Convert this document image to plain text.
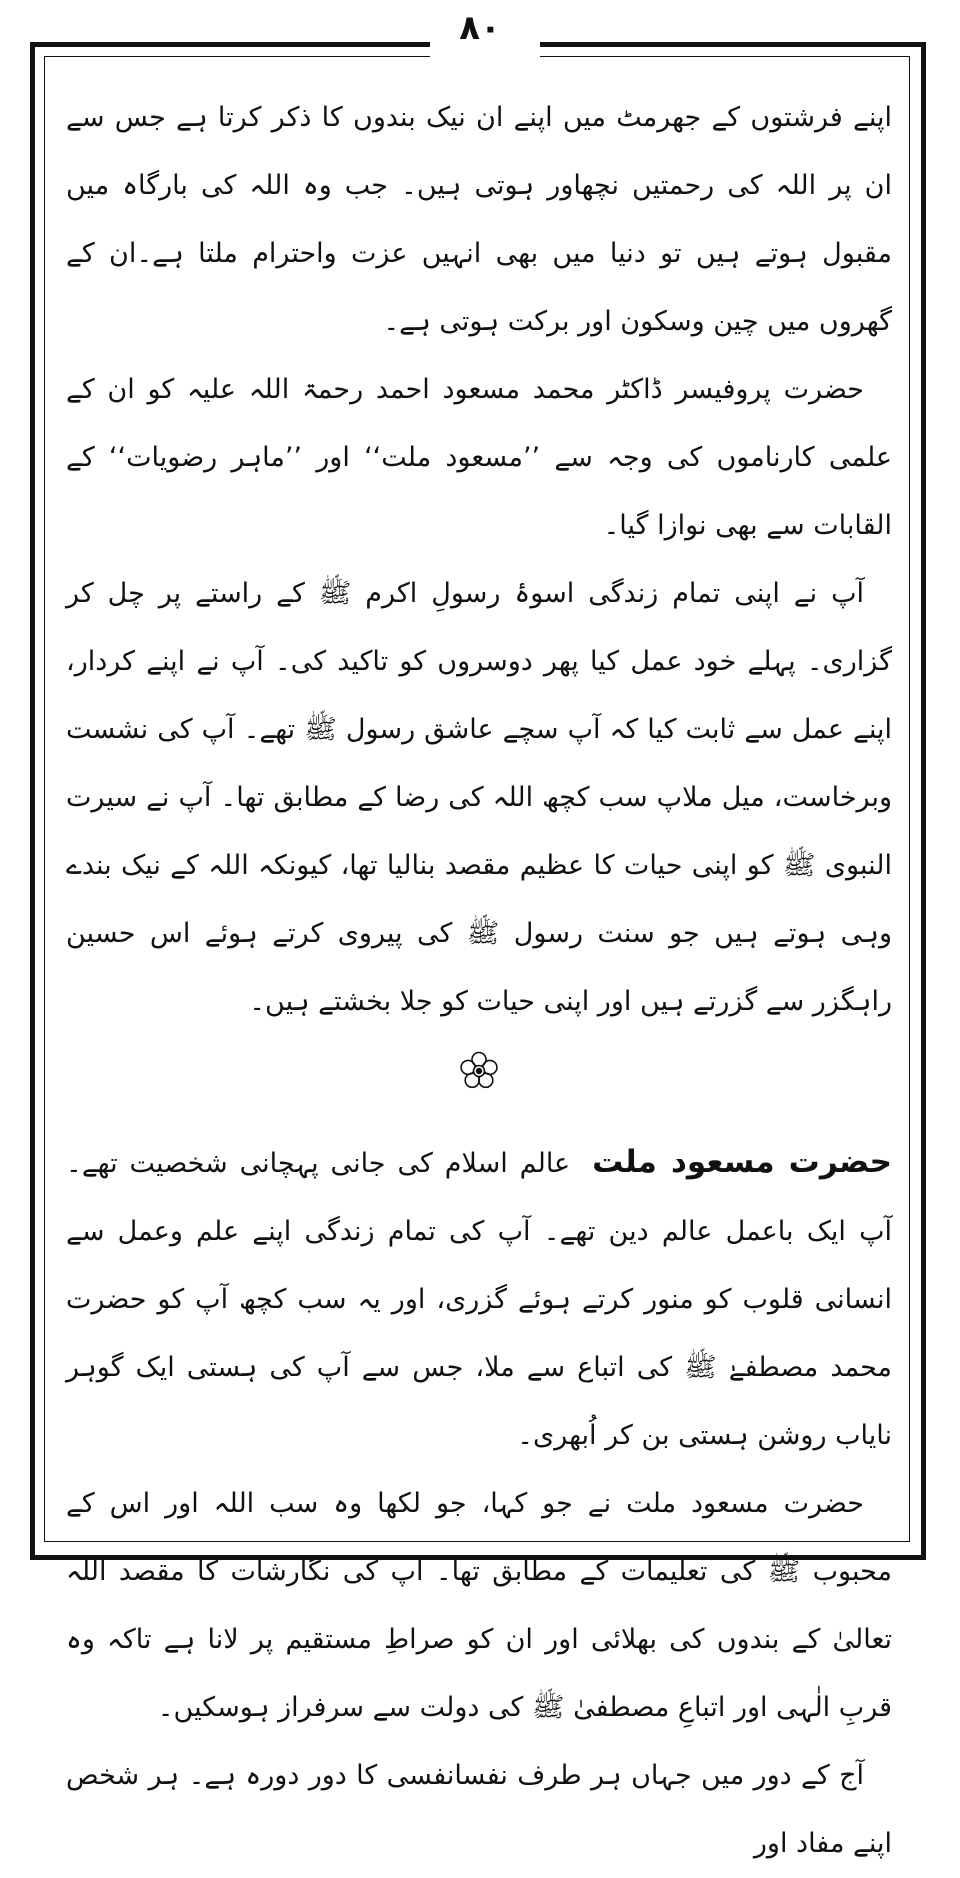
۸۰

اپنے فرشتوں کے جھرمٹ میں اپنے ان نیک بندوں کا ذکر کرتا ہے جس سے ان پر اللہ کی رحمتیں نچھاور ہوتی ہیں۔ جب وہ اللہ کی بارگاہ میں مقبول ہوتے ہیں تو دنیا میں بھی انہیں عزت واحترام ملتا ہے۔ان کے گھروں میں چین وسکون اور برکت ہوتی ہے۔

حضرت پروفیسر ڈاکٹر محمد مسعود احمد رحمۃ اللہ علیہ کو ان کے علمی کارناموں کی وجہ سے ’’مسعود ملت‘‘ اور ’’ماہر رضویات‘‘ کے القابات سے بھی نوازا گیا۔

آپ نے اپنی تمام زندگی اسوۂ رسولِ اکرم ﷺ کے راستے پر چل کر گزاری۔ پہلے خود عمل کیا پھر دوسروں کو تاکید کی۔ آپ نے اپنے کردار، اپنے عمل سے ثابت کیا کہ آپ سچے عاشق رسول ﷺ تھے۔ آپ کی نشست وبرخاست، میل ملاپ سب کچھ اللہ کی رضا کے مطابق تھا۔ آپ نے سیرت النبوی ﷺ کو اپنی حیات کا عظیم مقصد بنالیا تھا، کیونکہ اللہ کے نیک بندے وہی ہوتے ہیں جو سنت رسول ﷺ کی پیروی کرتے ہوئے اس حسین راہگزر سے گزرتے ہیں اور اپنی حیات کو جلا بخشتے ہیں۔

حضرت مسعود ملت عالم اسلام کی جانی پہچانی شخصیت تھے۔آپ ایک باعمل عالم دین تھے۔ آپ کی تمام زندگی اپنے علم وعمل سے انسانی قلوب کو منور کرتے ہوئے گزری، اور یہ سب کچھ آپ کو حضرت محمد مصطفےٰ ﷺ کی اتباع سے ملا، جس سے آپ کی ہستی ایک گوہر نایاب روشن ہستی بن کر اُبھری۔

حضرت مسعود ملت نے جو کہا، جو لکھا وہ سب اللہ اور اس کے محبوب ﷺ کی تعلیمات کے مطابق تھا۔ آپ کی نگارشات کا مقصد اللہ تعالیٰ کے بندوں کی بھلائی اور ان کو صراطِ مستقیم پر لانا ہے تاکہ وہ قربِ الٰہی اور اتباعِ مصطفیٰ ﷺ کی دولت سے سرفراز ہوسکیں۔

آج کے دور میں جہاں ہر طرف نفسانفسی کا دور دورہ ہے۔ ہر شخص اپنے مفاد اور
